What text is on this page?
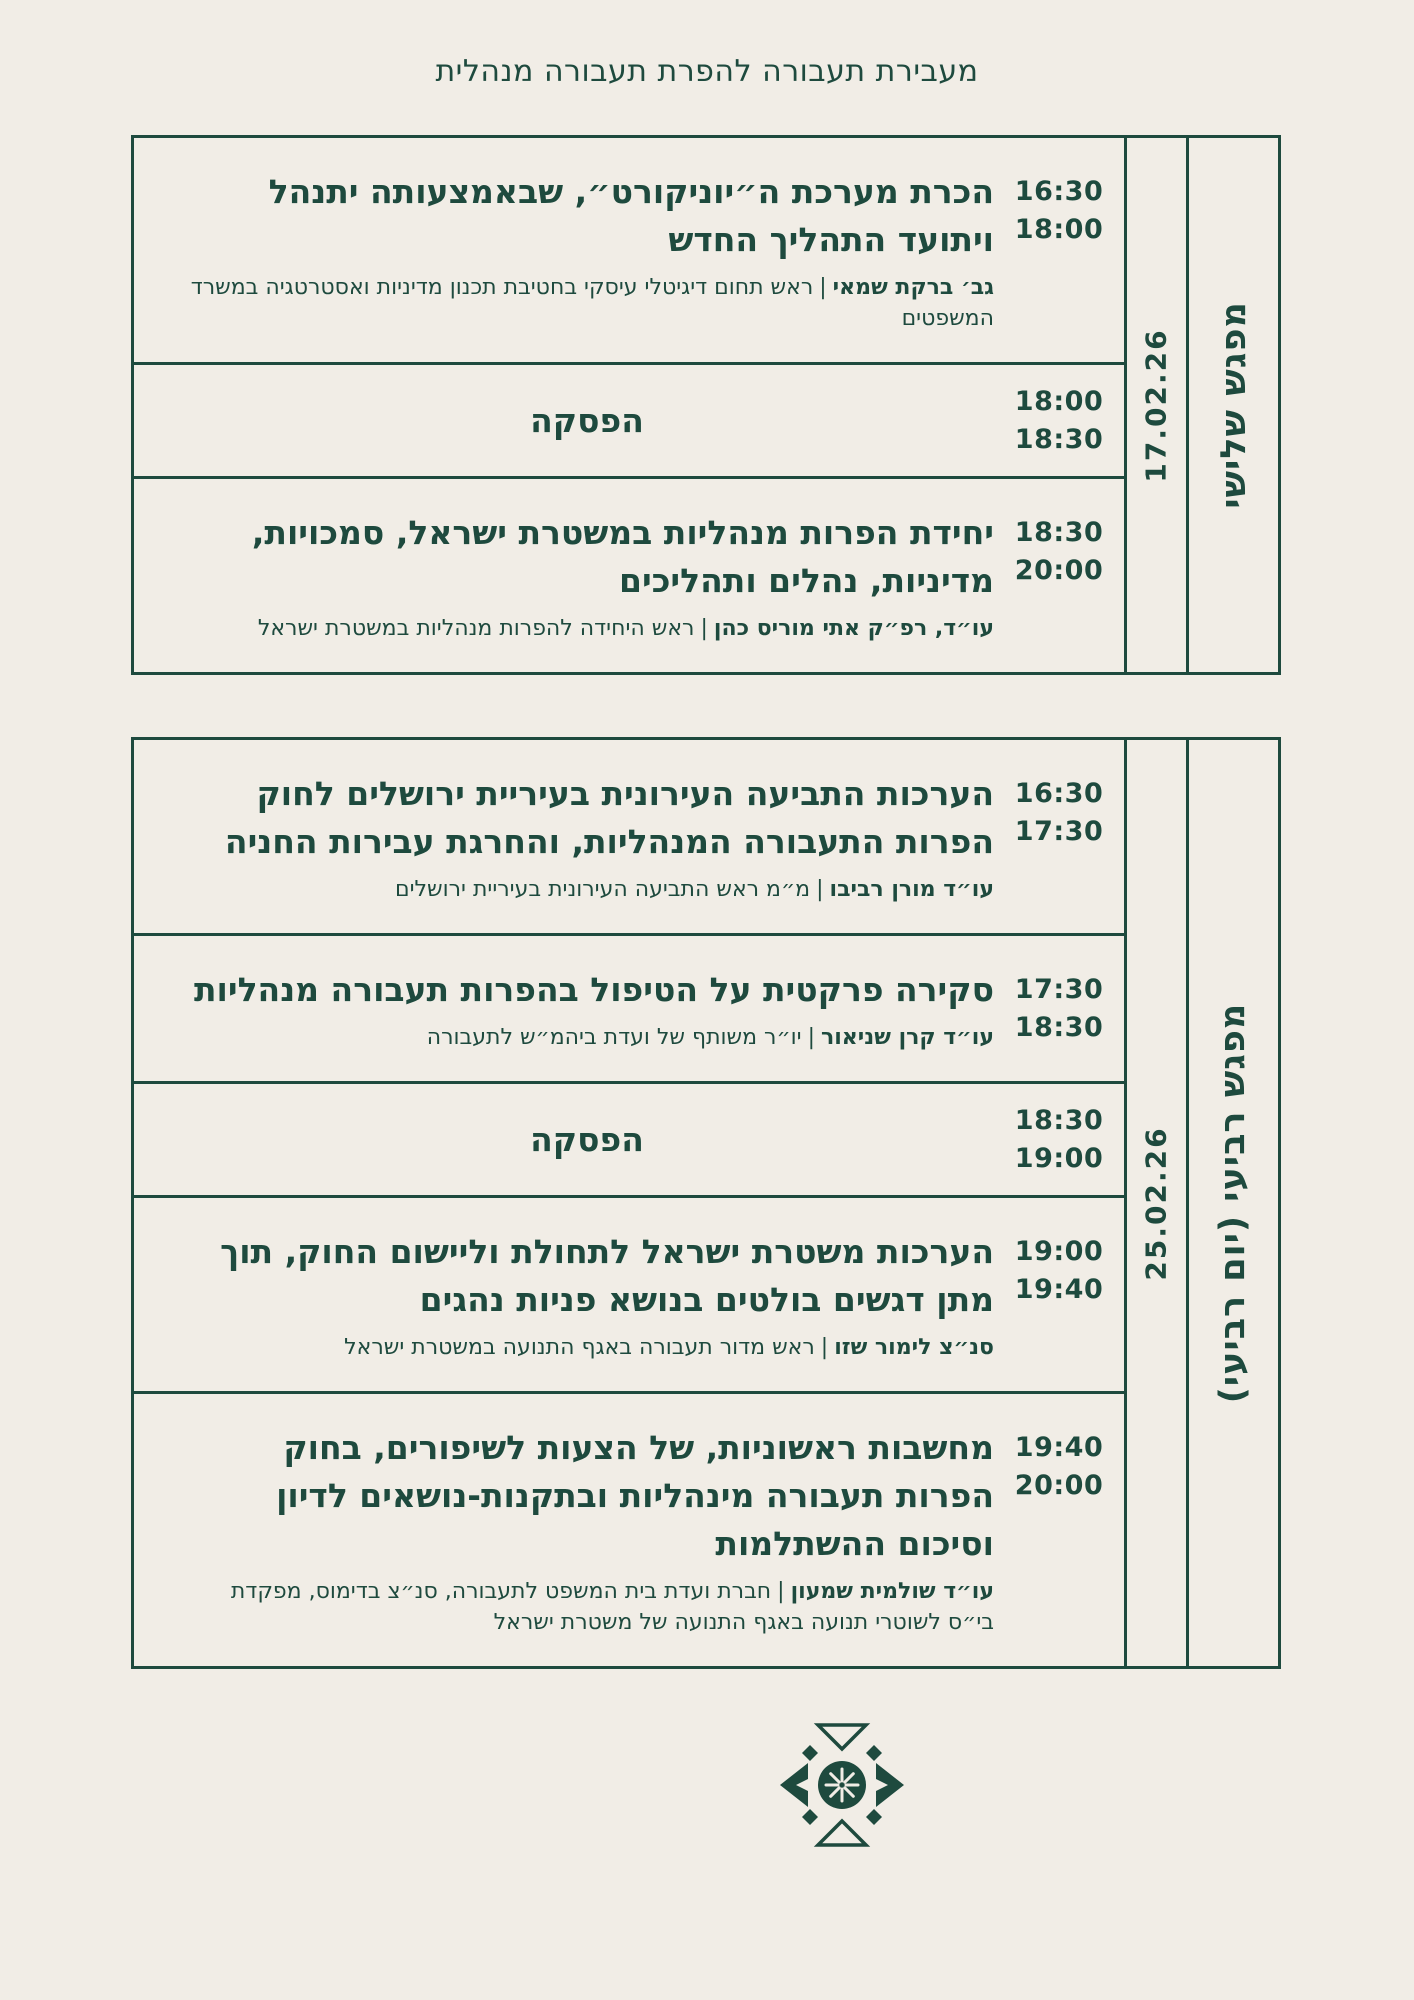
מעבירת תעבורה להפרת תעבורה מנהלית
מפגש שלישי
17.02.26
16:30
18:00
הכרת מערכת ה״יוניקורט״, שבאמצעותה יתנהל ויתועד התהליך החדש
גב׳ ברקת שמאי|ראש תחום דיגיטלי עיסקי בחטיבת תכנון מדיניות ואסטרטגיה במשרד המשפטים
18:00
18:30
הפסקה
18:30
20:00
יחידת הפרות מנהליות במשטרת ישראל, סמכויות, מדיניות, נהלים ותהליכים
עו״ד, רפ״ק אתי מוריס כהן|ראש היחידה להפרות מנהליות במשטרת ישראל
מפגש רביעי (יום רביעי)
25.02.26
16:30
17:30
הערכות התביעה העירונית בעיריית ירושלים לחוק הפרות התעבורה המנהליות, והחרגת עבירות החניה
עו״ד מורן רביבו|מ״מ ראש התביעה העירונית בעיריית ירושלים
17:30
18:30
סקירה פרקטית על הטיפול בהפרות תעבורה מנהליות
עו״ד קרן שניאור|יו״ר משותף של ועדת ביהמ״ש לתעבורה
18:30
19:00
הפסקה
19:00
19:40
הערכות משטרת ישראל לתחולת וליישום החוק, תוך מתן דגשים בולטים בנושא פניות נהגים
סנ״צ לימור שזו|ראש מדור תעבורה באגף התנועה במשטרת ישראל
19:40
20:00
מחשבות ראשוניות, של הצעות לשיפורים, בחוק הפרות תעבורה מינהליות ובתקנות-נושאים לדיון וסיכום ההשתלמות
עו״ד שולמית שמעון|חברת ועדת בית המשפט לתעבורה, סנ״צ בדימוס, מפקדת בי״ס לשוטרי תנועה באגף התנועה של משטרת ישראל
